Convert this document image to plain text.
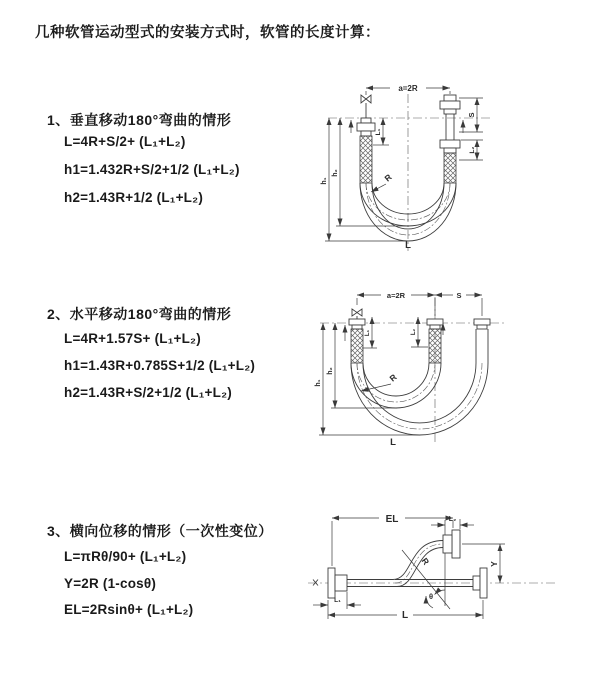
几种软管运动型式的安装方式时，软管的长度计算：
1、垂直移动180°弯曲的情形
L=4R+S/2+ (L₁+L₂)
h1=1.432R+S/2+1/2 (L₁+L₂)
h2=1.43R+1/2 (L₁+L₂)
2、水平移动180°弯曲的情形
L=4R+1.57S+ (L₁+L₂)
h1=1.43R+0.785S+1/2 (L₁+L₂)
h2=1.43R+S/2+1/2 (L₁+L₂)
3、横向位移的情形（一次性变位）
L=πRθ/90+ (L₁+L₂)
Y=2R (1-cosθ)
EL=2Rsinθ+ (L₁+L₂)
a=2R
L₁
S
L₂
h₁
h₂	R
L
a=2R	S
L₁	L₂
h₁
h₂
R
L
EL	L₂
Y
R
θ
L
L₁
